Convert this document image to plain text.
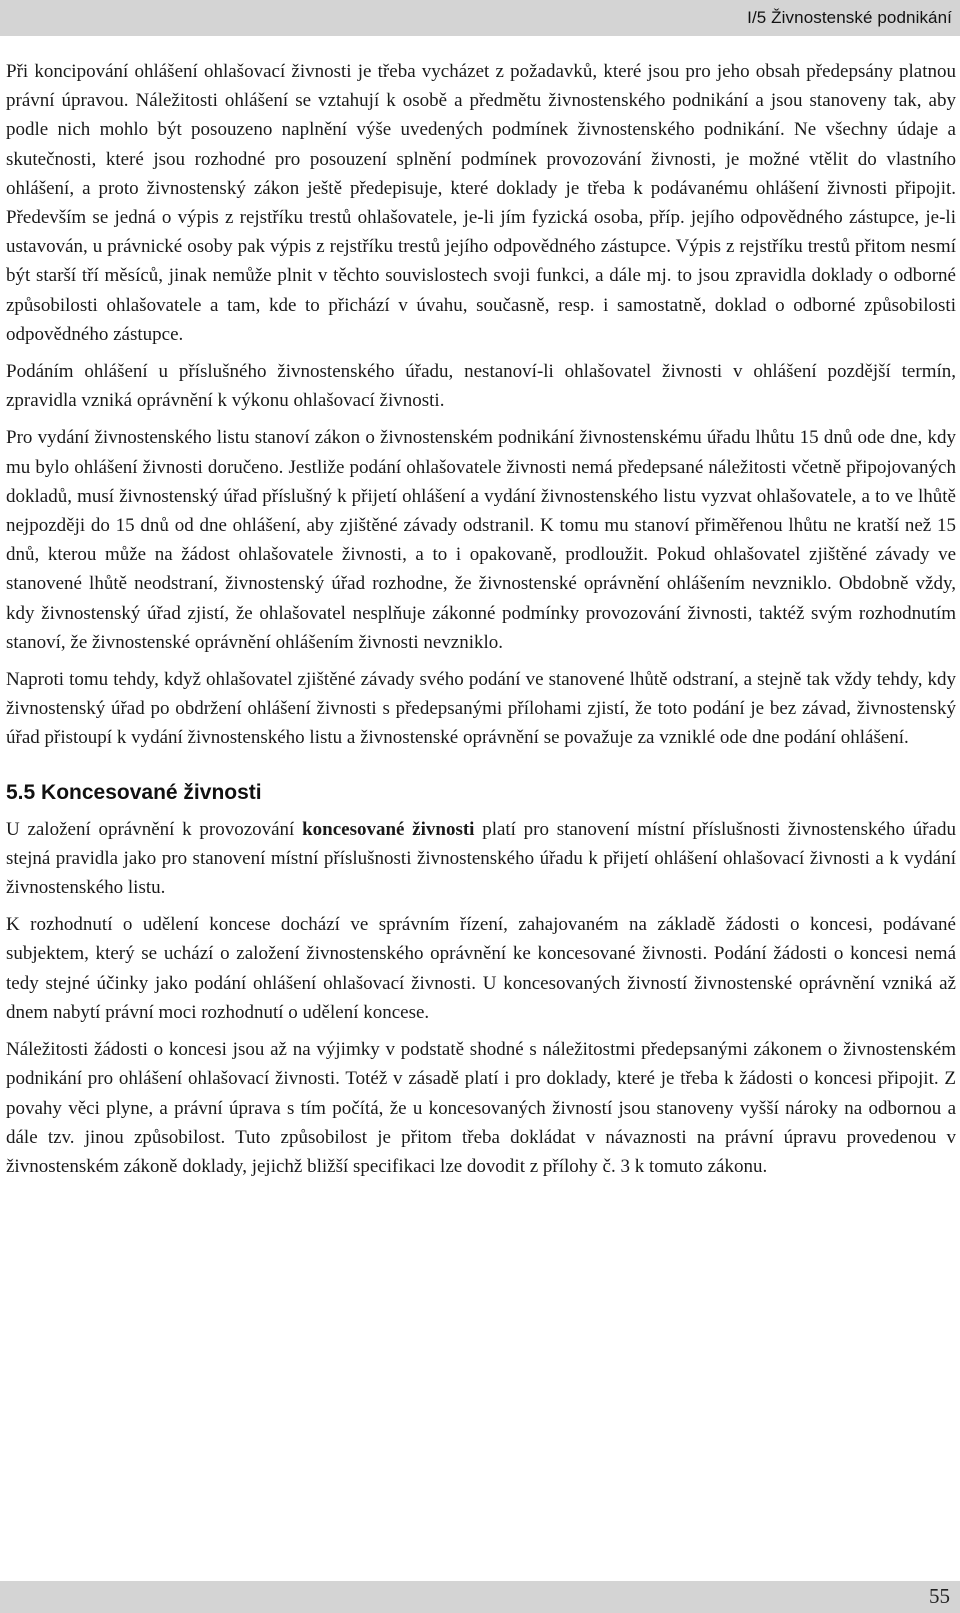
I/5 Živnostenské podnikání

Při koncipování ohlášení ohlašovací živnosti je třeba vycházet z požadavků, které jsou pro jeho obsah předepsány platnou právní úpravou. Náležitosti ohlášení se vztahují k osobě a předmětu živnostenského podnikání a jsou stanoveny tak, aby podle nich mohlo být posouzeno naplnění výše uvedených podmínek živnostenského podnikání. Ne všechny údaje a skutečnosti, které jsou rozhodné pro posouzení splnění podmínek provozování živnosti, je možné vtělit do vlastního ohlášení, a proto živnostenský zákon ještě předepisuje, které doklady je třeba k podávanému ohlášení živnosti připojit. Především se jedná o výpis z rejstříku trestů ohlašovatele, je-li jím fyzická osoba, příp. jejího odpovědného zástupce, je-li ustavován, u právnické osoby pak výpis z rejstříku trestů jejího odpovědného zástupce. Výpis z rejstříku trestů přitom nesmí být starší tří měsíců, jinak nemůže plnit v těchto souvislostech svoji funkci, a dále mj. to jsou zpravidla doklady o odborné způsobilosti ohlašovatele a tam, kde to přichází v úvahu, současně, resp. i samostatně, doklad o odborné způsobilosti odpovědného zástupce.

Podáním ohlášení u příslušného živnostenského úřadu, nestanoví-li ohlašovatel živnosti v ohlášení pozdější termín, zpravidla vzniká oprávnění k výkonu ohlašovací živnosti.

Pro vydání živnostenského listu stanoví zákon o živnostenském podnikání živnostenskému úřadu lhůtu 15 dnů ode dne, kdy mu bylo ohlášení živnosti doručeno. Jestliže podání ohlašovatele živnosti nemá předepsané náležitosti včetně připojovaných dokladů, musí živnostenský úřad příslušný k přijetí ohlášení a vydání živnostenského listu vyzvat ohlašovatele, a to ve lhůtě nejpozději do 15 dnů od dne ohlášení, aby zjištěné závady odstranil. K tomu mu stanoví přiměřenou lhůtu ne kratší než 15 dnů, kterou může na žádost ohlašovatele živnosti, a to i opakovaně, prodloužit. Pokud ohlašovatel zjištěné závady ve stanovené lhůtě neodstraní, živnostenský úřad rozhodne, že živnostenské oprávnění ohlášením nevzniklo. Obdobně vždy, kdy živnostenský úřad zjistí, že ohlašovatel nesplňuje zákonné podmínky provozování živnosti, taktéž svým rozhodnutím stanoví, že živnostenské oprávnění ohlášením živnosti nevzniklo.

Naproti tomu tehdy, když ohlašovatel zjištěné závady svého podání ve stanovené lhůtě odstraní, a stejně tak vždy tehdy, kdy živnostenský úřad po obdržení ohlášení živnosti s předepsanými přílohami zjistí, že toto podání je bez závad, živnostenský úřad přistoupí k vydání živnostenského listu a živnostenské oprávnění se považuje za vzniklé ode dne podání ohlášení.

5.5 Koncesované živnosti

U založení oprávnění k provozování koncesované živnosti platí pro stanovení místní příslušnosti živnostenského úřadu stejná pravidla jako pro stanovení místní příslušnosti živnostenského úřadu k přijetí ohlášení ohlašovací živnosti a k vydání živnostenského listu.

K rozhodnutí o udělení koncese dochází ve správním řízení, zahajovaném na základě žádosti o koncesi, podávané subjektem, který se uchází o založení živnostenského oprávnění ke koncesované živnosti. Podání žádosti o koncesi nemá tedy stejné účinky jako podání ohlášení ohlašovací živnosti. U koncesovaných živností živnostenské oprávnění vzniká až dnem nabytí právní moci rozhodnutí o udělení koncese.

Náležitosti žádosti o koncesi jsou až na výjimky v podstatě shodné s náležitostmi předepsanými zákonem o živnostenském podnikání pro ohlášení ohlašovací živnosti. Totéž v zásadě platí i pro doklady, které je třeba k žádosti o koncesi připojit. Z povahy věci plyne, a právní úprava s tím počítá, že u koncesovaných živností jsou stanoveny vyšší nároky na odbornou a dále tzv. jinou způsobilost. Tuto způsobilost je přitom třeba dokládat v návaznosti na právní úpravu provedenou v živnostenském zákoně doklady, jejichž bližší specifikaci lze dovodit z přílohy č. 3 k tomuto zákonu.

55
